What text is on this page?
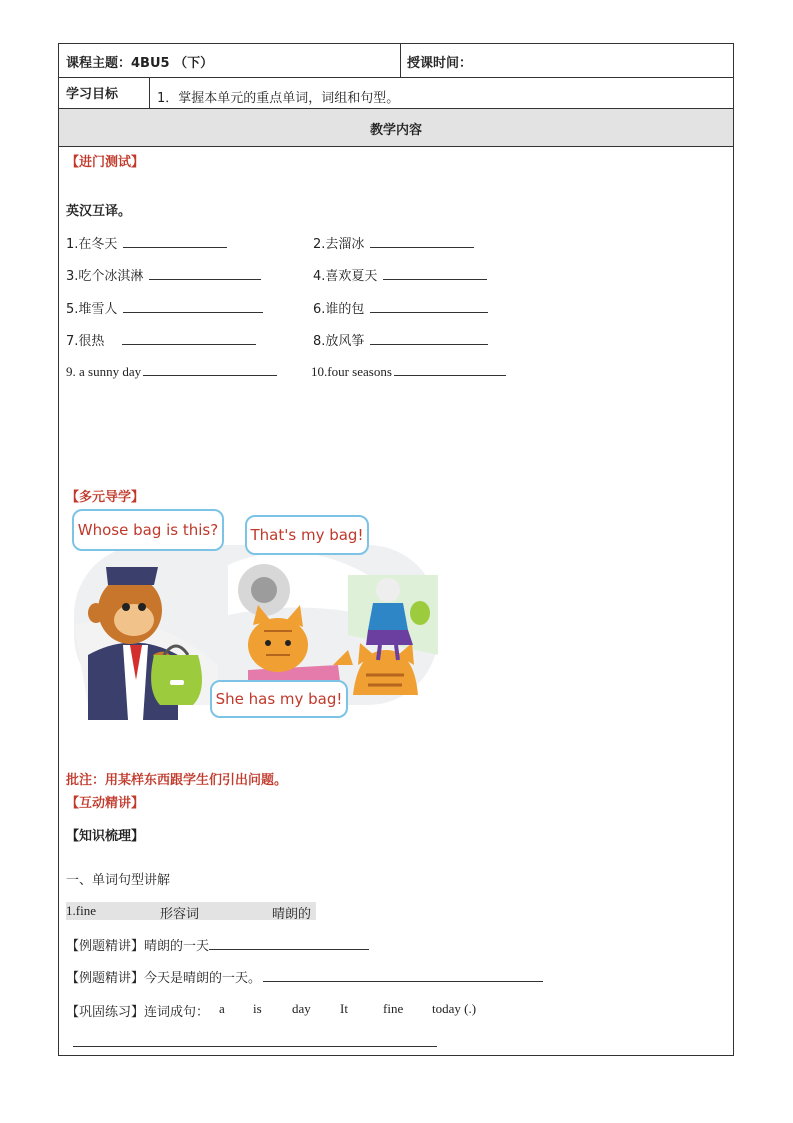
课程主题：4BU5 （下）	授课时间：
学习目标	1．掌握本单元的重点单词，词组和句型。
教学内容
【进门测试】
英汉互译。
1.在冬天	2.去溜冰
3.吃个冰淇淋	4.喜欢夏天
5.堆雪人	6.谁的包
7.很热	8.放风筝
9. a sunny day	10.four seasons
【多元导学】
Whose bag is this?	That's my bag!
She has my bag!
批注：用某样东西跟学生们引出问题。
【互动精讲】
【知识梳理】
一、单词句型讲解
1.fine	形容词	晴朗的
【例题精讲】晴朗的一天
【例题精讲】今天是晴朗的一天。
【巩固练习】连词成句： a is day It	fine today (.)
